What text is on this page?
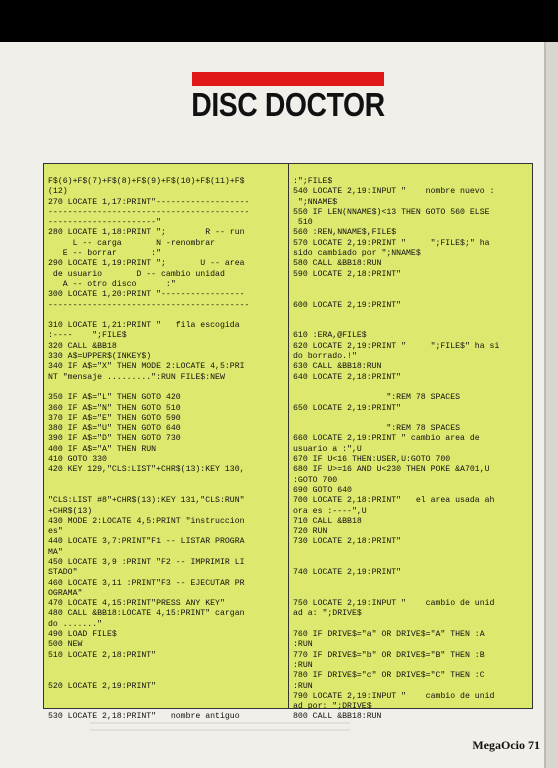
DISC DOCTOR
F$(6)+F$(7)+F$(8)+F$(9)+F$(10)+F$(11)+F$
(12)
270 LOCATE 1,17:PRINT"-------------------
-----------------------------------------
----------------------"
280 LOCATE 1,18:PRINT ";        R -- run
L -- carga       N -renombrar
E -- borrar       :"
290 LOCATE 1,19:PRINT ";       U -- area
de usuario       D -- cambio unidad
A -- otro disco      :"
300 LOCATE 1,20:PRINT "-----------------
-----------------------------------------

310 LOCATE 1,21:PRINT "   fila escogida
:----    ";FILE$
320 CALL &BB18
330 A$=UPPER$(INKEY$)
340 IF A$="X" THEN MODE 2:LOCATE 4,5:PRI
NT "mensaje .........":RUN FILE$:NEW

350 IF A$="L" THEN GOTO 420
360 IF A$="N" THEN GOTO 510
370 IF A$="E" THEN GOTO 590
380 IF A$="U" THEN GOTO 640
390 IF A$="D" THEN GOTO 730
400 IF A$="A" THEN RUN
410 GOTO 330
420 KEY 129,"CLS:LIST"+CHR$(13):KEY 130,

"CLS:LIST #8"+CHR$(13):KEY 131,"CLS:RUN"
+CHR$(13)
430 MODE 2:LOCATE 4,5:PRINT "instruccion
es"
440 LOCATE 3,7:PRINT"F1 -- LISTAR PROGRA
MA"
450 LOCATE 3,9 :PRINT "F2 -- IMPRIMIR LI
STADO"
460 LOCATE 3,11 :PRINT"F3 -- EJECUTAR PR
OGRAMA"
470 LOCATE 4,15:PRINT"PRESS ANY KEY"
480 CALL &BB18:LOCATE 4,15:PRINT" cargan
do ......."
490 LOAD FILE$
500 NEW
510 LOCATE 2,18:PRINT"

520 LOCATE 2,19:PRINT"

530 LOCATE 2,18:PRINT"   nombre antiguo
:";FILE$
540 LOCATE 2,19:INPUT "    nombre nuevo :
";NNAME$
550 IF LEN(NNAME$)<13 THEN GOTO 560 ELSE
510
560 :REN,NNAME$,FILE$
570 LOCATE 2,19:PRINT "     ";FILE$;" ha
sido cambiado por ";NNAME$
580 CALL &BB18:RUN
590 LOCATE 2,18:PRINT"

600 LOCATE 2,19:PRINT"

610 :ERA,@FILE$
620 LOCATE 2,19:PRINT "     ";FILE$" ha si
do borrado.!"
630 CALL &BB18:RUN
640 LOCATE 2,18:PRINT"

":REM 78 SPACES
650 LOCATE 2,19:PRINT"

":REM 78 SPACES
660 LOCATE 2,19:PRINT " cambio area de
usuario a :",U
670 IF U<16 THEN:USER,U:GOTO 700
680 IF U>=16 AND U<230 THEN POKE &A701,U
:GOTO 700
690 GOTO 640
700 LOCATE 2,18:PRINT"   el area usada ah
ora es :----",U
710 CALL &BB18
720 RUN
730 LOCATE 2,18:PRINT"

740 LOCATE 2,19:PRINT"

750 LOCATE 2,19:INPUT "    cambio de unid
ad a: ";DRIVE$

760 IF DRIVE$="a" OR DRIVE$="A" THEN :A
:RUN
770 IF DRIVE$="b" OR DRIVE$="B" THEN :B
:RUN
780 IF DRIVE$="c" OR DRIVE$="C" THEN :C
:RUN
790 LOCATE 2,19:INPUT "    cambio de unid
ad por: ";DRIVE$
800 CALL &BB18:RUN
MegaOcio 71
